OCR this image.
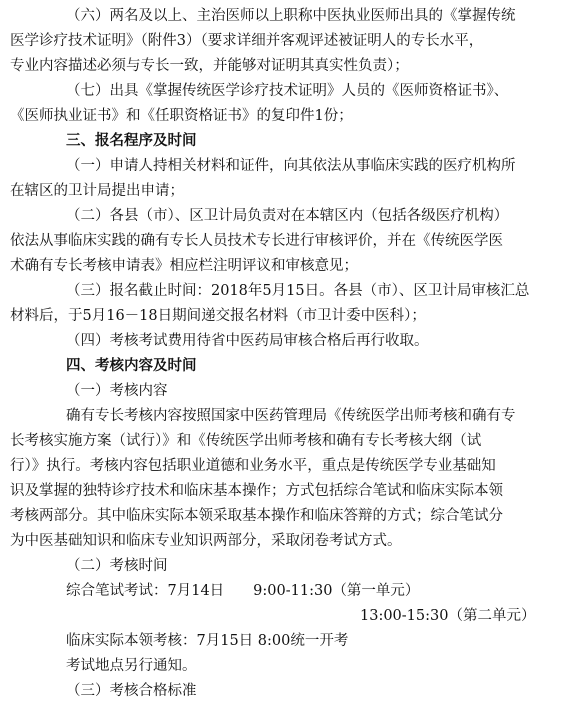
（六）两名及以上、主治医师以上职称中医执业医师出具的《掌握传统
医学诊疗技术证明》（附件3）（要求详细并客观评述被证明人的专长水平，
专业内容描述必须与专长一致，并能够对证明其真实性负责）；
（七）出具《掌握传统医学诊疗技术证明》人员的《医师资格证书》、
《医师执业证书》和《任职资格证书》的复印件1份；
三、报名程序及时间
（一）申请人持相关材料和证件，向其依法从事临床实践的医疗机构所
在辖区的卫计局提出申请；
（二）各县（市）、区卫计局负责对在本辖区内（包括各级医疗机构）
依法从事临床实践的确有专长人员技术专长进行审核评价，并在《传统医学医
术确有专长考核申请表》相应栏注明评议和审核意见；
（三）报名截止时间：2018年5月15日。各县（市）、区卫计局审核汇总
材料后，于5月16－18日期间递交报名材料（市卫计委中医科）；
（四）考核考试费用待省中医药局审核合格后再行收取。
四、考核内容及时间
（一）考核内容
确有专长考核内容按照国家中医药管理局《传统医学出师考核和确有专
长考核实施方案（试行）》和《传统医学出师考核和确有专长考核大纲（试
行）》执行。考核内容包括职业道德和业务水平，重点是传统医学专业基础知
识及掌握的独特诊疗技术和临床基本操作；方式包括综合笔试和临床实际本领
考核两部分。其中临床实际本领采取基本操作和临床答辩的方式；综合笔试分
为中医基础知识和临床专业知识两部分，采取闭卷考试方式。
（二）考核时间
综合笔试考试：7月14日　　9:00-11:30（第一单元）
13:00-15:30（第二单元）
临床实际本领考核：7月15日 8:00统一开考
考试地点另行通知。
（三）考核合格标准
